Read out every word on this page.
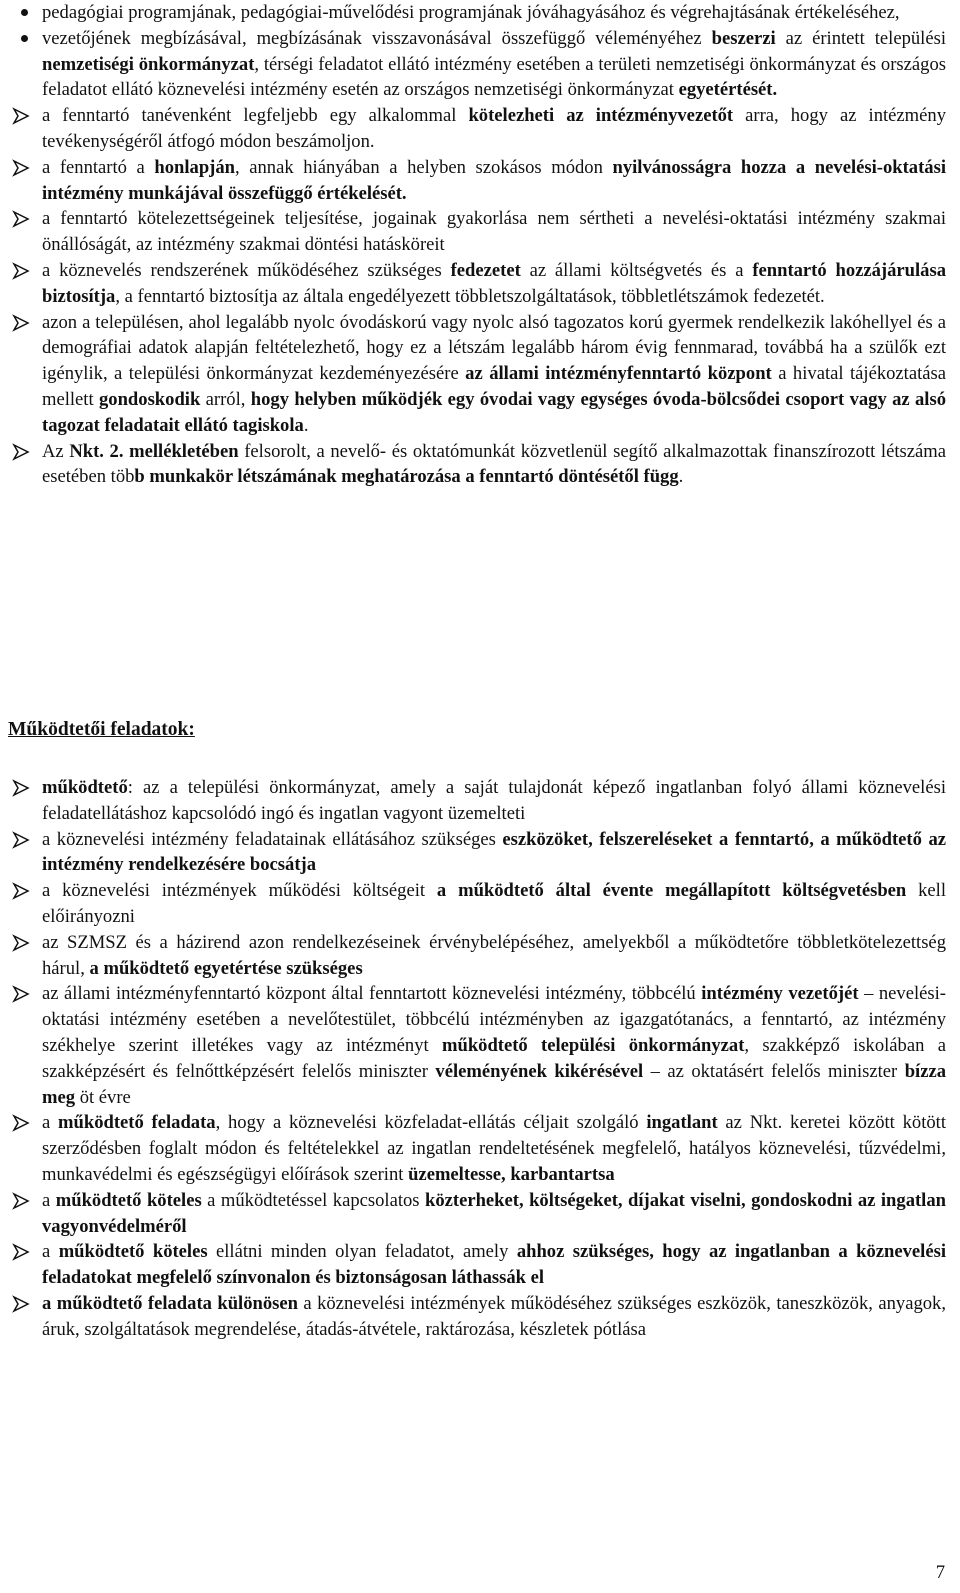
pedagógiai programjának, pedagógiai-művelődési programjának jóváhagyásához és végrehajtásának értékeléséhez,
vezetőjének megbízásával, megbízásának visszavonásával összefüggő véleményéhez beszerzi az érintett települési nemzetiségi önkormányzat, térségi feladatot ellátó intézmény esetében a területi nemzetiségi önkormányzat és országos feladatot ellátó köznevelési intézmény esetén az országos nemzetiségi önkormányzat egyetértését.
a fenntartó tanévenként legfeljebb egy alkalommal kötelezheti az intézményvezetőt arra, hogy az intézmény tevékenységéről átfogó módon beszámoljon.
a fenntartó a honlapján, annak hiányában a helyben szokásos módon nyilvánosságra hozza a nevelési-oktatási intézmény munkájával összefüggő értékelését.
a fenntartó kötelezettségeinek teljesítése, jogainak gyakorlása nem sértheti a nevelési-oktatási intézmény szakmai önállóságát, az intézmény szakmai döntési hatásköreit
a köznevelés rendszerének működéséhez szükséges fedezetet az állami költségvetés és a fenntartó hozzájárulása biztosítja, a fenntartó biztosítja az általa engedélyezett többletszolgáltatások, többletlétszámok fedezetét.
azon a településen, ahol legalább nyolc óvodáskorú vagy nyolc alsó tagozatos korú gyermek rendelkezik lakóhellyel és a demográfiai adatok alapján feltételezhető, hogy ez a létszám legalább három évig fennmarad, továbbá ha a szülők ezt igénylik, a települési önkormányzat kezdeményezésére az állami intézményfenntartó központ a hivatal tájékoztatása mellett gondoskodik arról, hogy helyben működjék egy óvodai vagy egységes óvoda-bölcsődei csoport vagy az alsó tagozat feladatait ellátó tagiskola.
Az Nkt. 2. mellékletében felsorolt, a nevelő- és oktatómunkát közvetlenül segítő alkalmazottak finanszírozott létszáma esetében több munkakör létszámának meghatározása a fenntartó döntésétől függ.
Működtetői feladatok:
működtető: az a települési önkormányzat, amely a saját tulajdonát képező ingatlanban folyó állami köznevelési feladatellátáshoz kapcsolódó ingó és ingatlan vagyont üzemelteti
a köznevelési intézmény feladatainak ellátásához szükséges eszközöket, felszereléseket a fenntartó, a működtető az intézmény rendelkezésére bocsátja
a köznevelési intézmények működési költségeit a működtető által évente megállapított költségvetésben kell előirányozni
az SZMSZ és a házirend azon rendelkezéseinek érvénybelépéséhez, amelyekből a működtetőre többletkötelezettség hárul, a működtető egyetértése szükséges
az állami intézményfenntartó központ által fenntartott köznevelési intézmény, többcélú intézmény vezetőjét – nevelési-oktatási intézmény esetében a nevelőtestület, többcélú intézményben az igazgatótanács, a fenntartó, az intézmény székhelye szerint illetékes vagy az intézményt működtető települési önkormányzat, szakképző iskolában a szakképzésért és felnőttképzésért felelős miniszter véleményének kikérésével – az oktatásért felelős miniszter bízza meg öt évre
a működtető feladata, hogy a köznevelési közfeladat-ellátás céljait szolgáló ingatlant az Nkt. keretei között kötött szerződésben foglalt módon és feltételekkel az ingatlan rendeltetésének megfelelő, hatályos köznevelési, tűzvédelmi, munkavédelmi és egészségügyi előírások szerint üzemeltesse, karbantartsa
a működtető köteles a működtetéssel kapcsolatos közterheket, költségeket, díjakat viselni, gondoskodni az ingatlan vagyonvédelméről
a működtető köteles ellátni minden olyan feladatot, amely ahhoz szükséges, hogy az ingatlanban a köznevelési feladatokat megfelelő színvonalon és biztonságosan láthassák el
a működtető feladata különösen a köznevelési intézmények működéséhez szükséges eszközök, taneszközök, anyagok, áruk, szolgáltatások megrendelése, átadás-átvétele, raktározása, készletek pótlása
7
